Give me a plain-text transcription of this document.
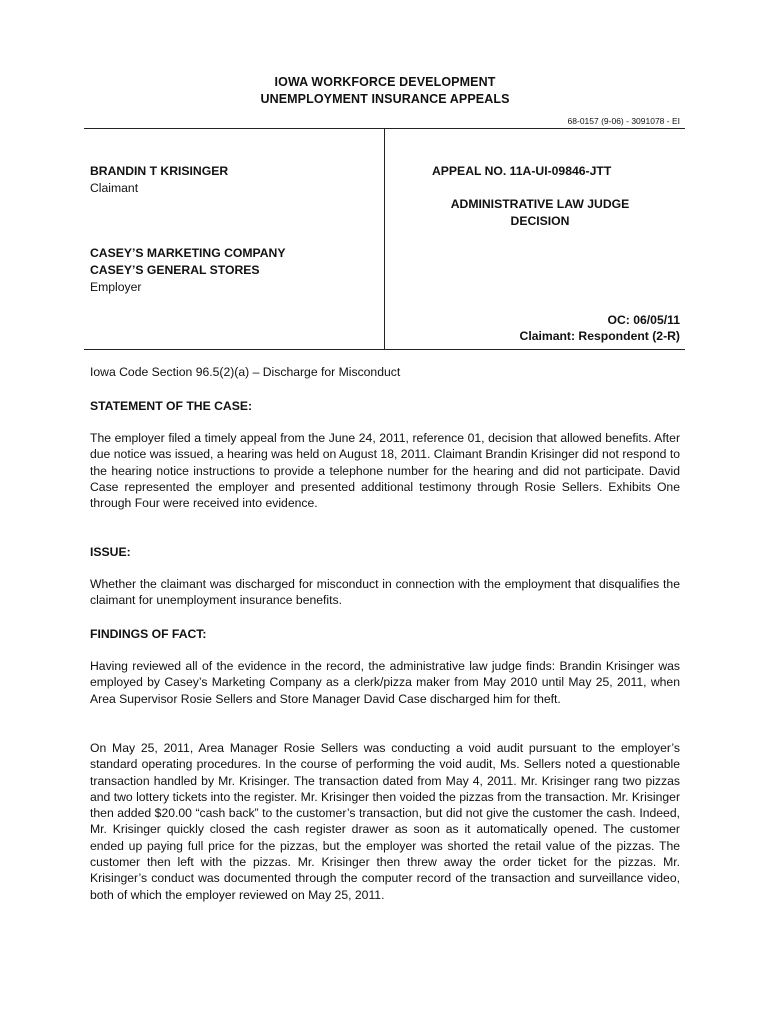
IOWA WORKFORCE DEVELOPMENT
UNEMPLOYMENT INSURANCE APPEALS
68-0157 (9-06) - 3091078 - EI
BRANDIN T KRISINGER
Claimant
CASEY’S MARKETING COMPANY
CASEY’S GENERAL STORES
Employer
APPEAL NO. 11A-UI-09846-JTT
ADMINISTRATIVE LAW JUDGE
DECISION
OC: 06/05/11
Claimant: Respondent (2-R)
Iowa Code Section 96.5(2)(a) – Discharge for Misconduct

STATEMENT OF THE CASE:

The employer filed a timely appeal from the June 24, 2011, reference 01, decision that allowed benefits. After due notice was issued, a hearing was held on August 18, 2011. Claimant Brandin Krisinger did not respond to the hearing notice instructions to provide a telephone number for the hearing and did not participate. David Case represented the employer and presented additional testimony through Rosie Sellers. Exhibits One through Four were received into evidence.

ISSUE:

Whether the claimant was discharged for misconduct in connection with the employment that disqualifies the claimant for unemployment insurance benefits.

FINDINGS OF FACT:

Having reviewed all of the evidence in the record, the administrative law judge finds: Brandin Krisinger was employed by Casey’s Marketing Company as a clerk/pizza maker from May 2010 until May 25, 2011, when Area Supervisor Rosie Sellers and Store Manager David Case discharged him for theft.

On May 25, 2011, Area Manager Rosie Sellers was conducting a void audit pursuant to the employer’s standard operating procedures. In the course of performing the void audit, Ms. Sellers noted a questionable transaction handled by Mr. Krisinger. The transaction dated from May 4, 2011. Mr. Krisinger rang two pizzas and two lottery tickets into the register. Mr. Krisinger then voided the pizzas from the transaction. Mr. Krisinger then added $20.00 “cash back” to the customer’s transaction, but did not give the customer the cash. Indeed, Mr. Krisinger quickly closed the cash register drawer as soon as it automatically opened. The customer ended up paying full price for the pizzas, but the employer was shorted the retail value of the pizzas. The customer then left with the pizzas. Mr. Krisinger then threw away the order ticket for the pizzas. Mr. Krisinger’s conduct was documented through the computer record of the transaction and surveillance video, both of which the employer reviewed on May 25, 2011.
